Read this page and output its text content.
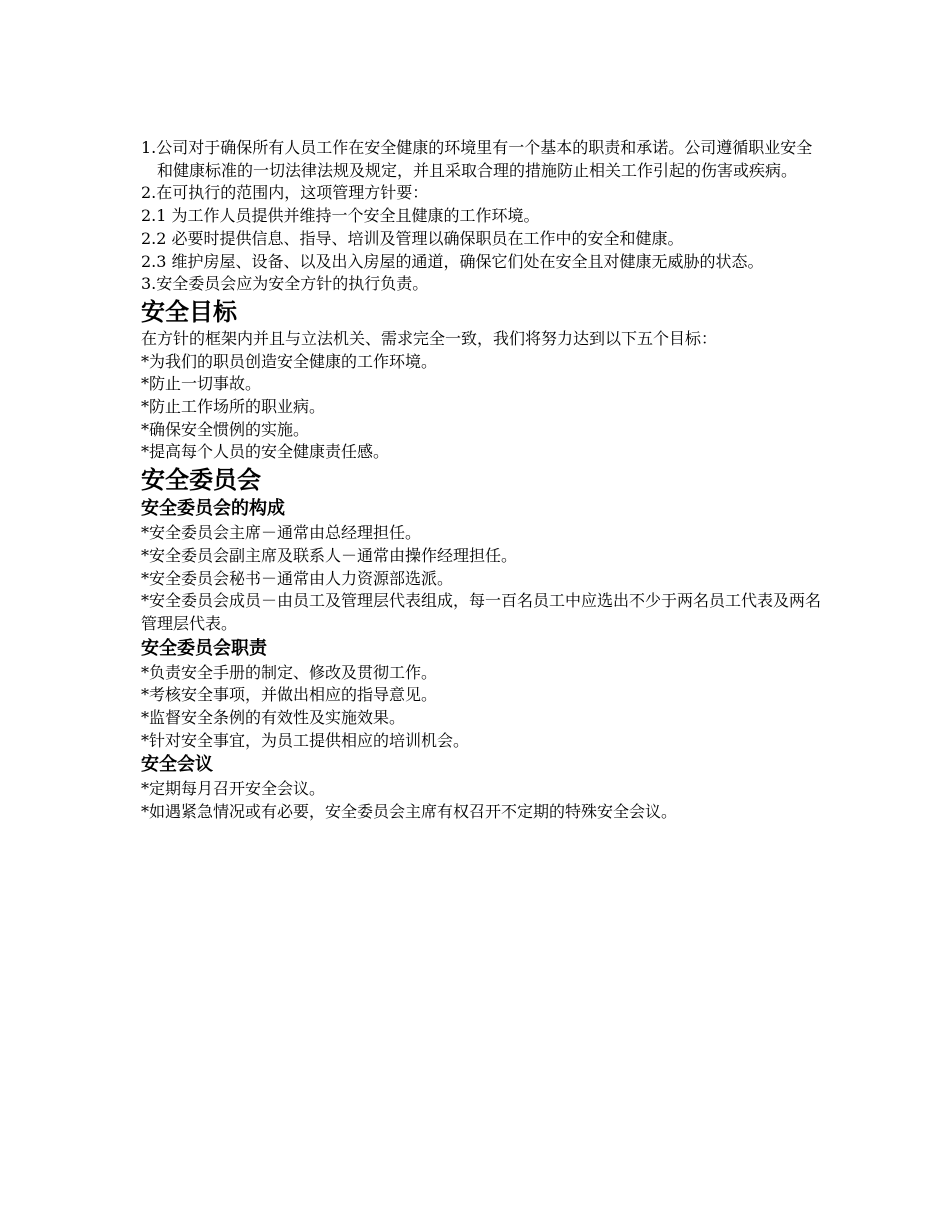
1.公司对于确保所有人员工作在安全健康的环境里有一个基本的职责和承诺。公司遵循职业安全和健康标准的一切法律法规及规定，并且采取合理的措施防止相关工作引起的伤害或疾病。
2.在可执行的范围内，这项管理方针要：
2.1 为工作人员提供并维持一个安全且健康的工作环境。
2.2 必要时提供信息、指导、培训及管理以确保职员在工作中的安全和健康。
2.3 维护房屋、设备、以及出入房屋的通道，确保它们处在安全且对健康无威胁的状态。
3.安全委员会应为安全方针的执行负责。
安全目标
在方针的框架内并且与立法机关、需求完全一致，我们将努力达到以下五个目标：
*为我们的职员创造安全健康的工作环境。
*防止一切事故。
*防止工作场所的职业病。
*确保安全惯例的实施。
*提高每个人员的安全健康责任感。
安全委员会
安全委员会的构成
*安全委员会主席－通常由总经理担任。
*安全委员会副主席及联系人－通常由操作经理担任。
*安全委员会秘书－通常由人力资源部选派。
*安全委员会成员－由员工及管理层代表组成，每一百名员工中应选出不少于两名员工代表及两名管理层代表。
安全委员会职责
*负责安全手册的制定、修改及贯彻工作。
*考核安全事项，并做出相应的指导意见。
*监督安全条例的有效性及实施效果。
*针对安全事宜，为员工提供相应的培训机会。
安全会议
*定期每月召开安全会议。
*如遇紧急情况或有必要，安全委员会主席有权召开不定期的特殊安全会议。
